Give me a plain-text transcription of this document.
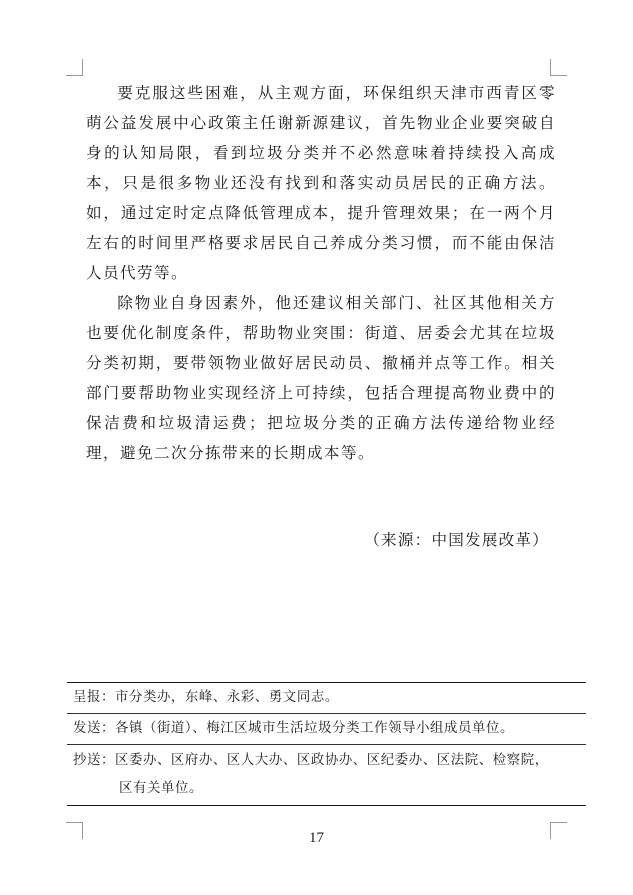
要克服这些困难，从主观方面，环保组织天津市西青区零萌公益发展中心政策主任谢新源建议，首先物业企业要突破自身的认知局限，看到垃圾分类并不必然意味着持续投入高成本，只是很多物业还没有找到和落实动员居民的正确方法。如，通过定时定点降低管理成本，提升管理效果；在一两个月左右的时间里严格要求居民自己养成分类习惯，而不能由保洁人员代劳等。

除物业自身因素外，他还建议相关部门、社区其他相关方也要优化制度条件，帮助物业突围：街道、居委会尤其在垃圾分类初期，要带领物业做好居民动员、撤桶并点等工作。相关部门要帮助物业实现经济上可持续，包括合理提高物业费中的保洁费和垃圾清运费；把垃圾分类的正确方法传递给物业经理，避免二次分拣带来的长期成本等。

（来源：中国发展改革）
呈报：市分类办，东峰、永彩、勇文同志。
发送：各镇（街道）、梅江区城市生活垃圾分类工作领导小组成员单位。
抄送：区委办、区府办、区人大办、区政协办、区纪委办、区法院、检察院，
区有关单位。
17
